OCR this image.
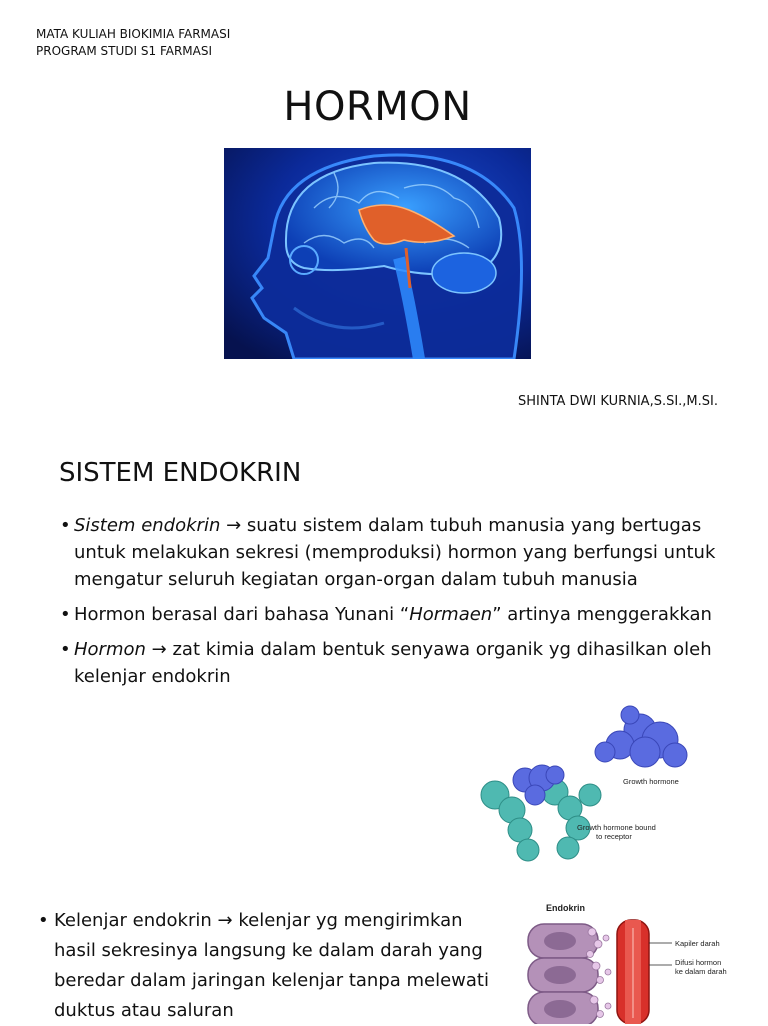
MATA KULIAH BIOKIMIA FARMASI
PROGRAM STUDI S1 FARMASI
HORMON
SHINTA DWI KURNIA,S.SI.,M.SI.
SISTEM ENDOKRIN
• Sistem endokrin → suatu sistem dalam tubuh manusia yang bertugas untuk melakukan sekresi (memproduksi) hormon yang berfungsi untuk mengatur seluruh kegiatan organ-organ dalam tubuh manusia
• Hormon berasal dari bahasa Yunani “Hormaen” artinya menggerakkan
• Hormon → zat kimia dalam bentuk senyawa organik yg dihasilkan oleh kelenjar endokrin
Growth hormone
Growth hormone bound
to receptor
• Kelenjar endokrin → kelenjar yg mengirimkan hasil sekresinya langsung ke dalam darah yang beredar dalam jaringan kelenjar tanpa melewati duktus atau saluran
Endokrin
Kapiler darah
Difusi hormon
ke dalam darah
